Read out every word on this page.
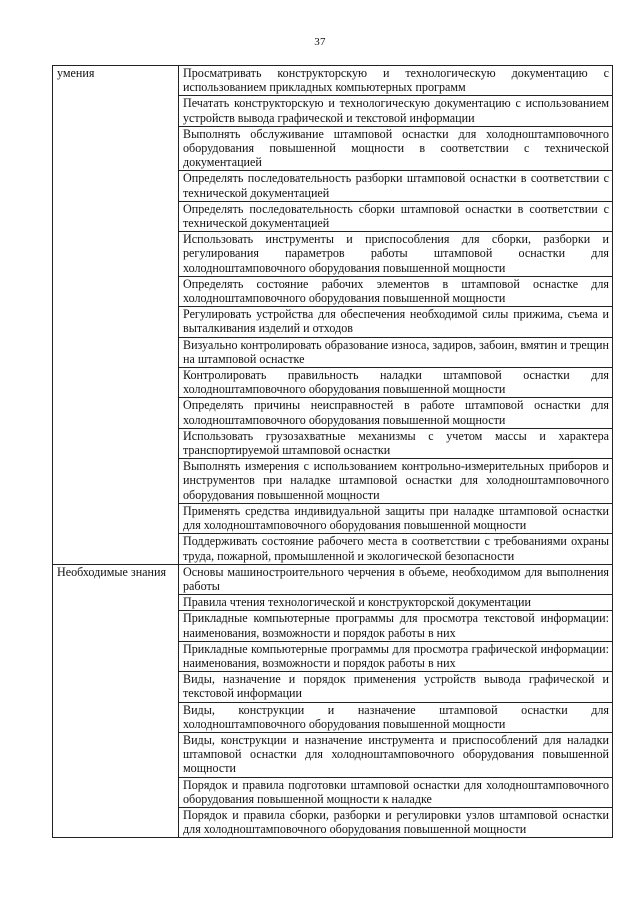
37
умения	Просматривать конструкторскую и технологическую документацию с использованием прикладных компьютерных программ
	Печатать конструкторскую и технологическую документацию с использованием устройств вывода графической и текстовой информации
	Выполнять обслуживание штамповой оснастки для холодноштамповочного оборудования повышенной мощности в соответствии с технической документацией
	Определять последовательность разборки штамповой оснастки в соответствии с технической документацией
	Определять последовательность сборки штамповой оснастки в соответствии с технической документацией
	Использовать инструменты и приспособления для сборки, разборки и регулирования параметров работы штамповой оснастки для холодноштамповочного оборудования повышенной мощности
	Определять состояние рабочих элементов в штамповой оснастке для холодноштамповочного оборудования повышенной мощности
	Регулировать устройства для обеспечения необходимой силы прижима, съема и выталкивания изделий и отходов
	Визуально контролировать образование износа, задиров, забоин, вмятин и трещин на штамповой оснастке
	Контролировать правильность наладки штамповой оснастки для холодноштамповочного оборудования повышенной мощности
	Определять причины неисправностей в работе штамповой оснастки для холодноштамповочного оборудования повышенной мощности
	Использовать грузозахватные механизмы с учетом массы и характера транспортируемой штамповой оснастки
	Выполнять измерения с использованием контрольно-измерительных приборов и инструментов при наладке штамповой оснастки для холодноштамповочного оборудования повышенной мощности
	Применять средства индивидуальной защиты при наладке штамповой оснастки для холодноштамповочного оборудования повышенной мощности
	Поддерживать состояние рабочего места в соответствии с требованиями охраны труда, пожарной, промышленной и экологической безопасности
Необходимые знания	Основы машиностроительного черчения в объеме, необходимом для выполнения работы
	Правила чтения технологической и конструкторской документации
	Прикладные компьютерные программы для просмотра текстовой информации: наименования, возможности и порядок работы в них
	Прикладные компьютерные программы для просмотра графической информации: наименования, возможности и порядок работы в них
	Виды, назначение и порядок применения устройств вывода графической и текстовой информации
	Виды, конструкции и назначение штамповой оснастки для холодноштамповочного оборудования повышенной мощности
	Виды, конструкции и назначение инструмента и приспособлений для наладки штамповой оснастки для холодноштамповочного оборудования повышенной мощности
	Порядок и правила подготовки штамповой оснастки для холодноштамповочного оборудования повышенной мощности к наладке
	Порядок и правила сборки, разборки и регулировки узлов штамповой оснастки для холодноштамповочного оборудования повышенной мощности
